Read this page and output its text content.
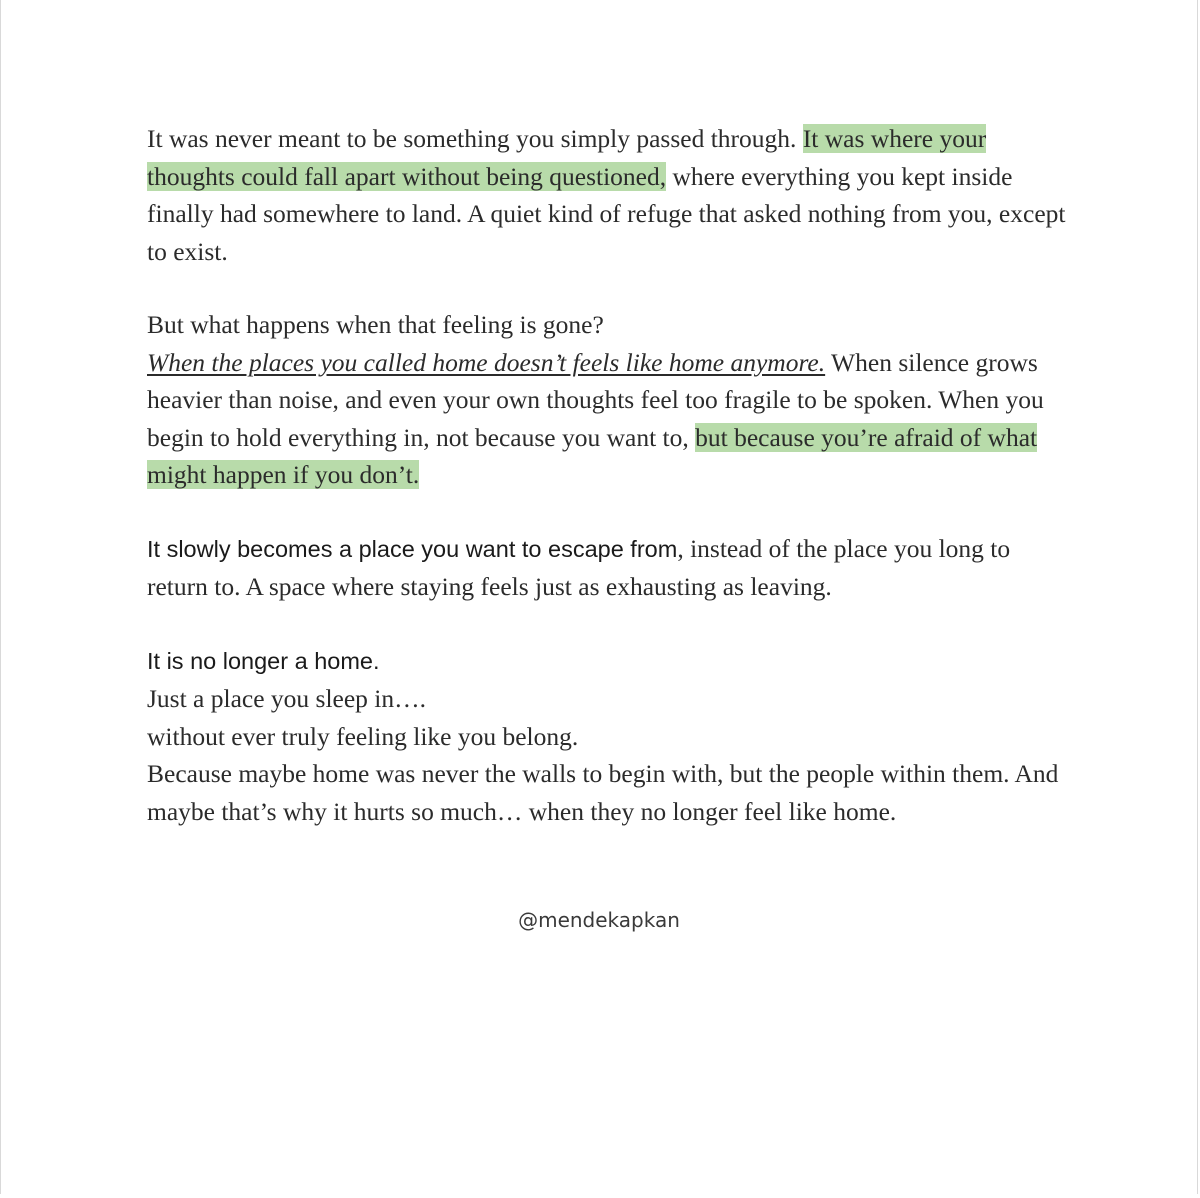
It was never meant to be something you simply passed through. It was where your thoughts could fall apart without being questioned, where everything you kept inside finally had somewhere to land. A quiet kind of refuge that asked nothing from you, except to exist.

But what happens when that feeling is gone?
When the places you called home doesn’t feels like home anymore. When silence grows heavier than noise, and even your own thoughts feel too fragile to be spoken. When you begin to hold everything in, not because you want to, but because you’re afraid of what might happen if you don’t.

It slowly becomes a place you want to escape from, instead of the place you long to return to. A space where staying feels just as exhausting as leaving.

It is no longer a home.
Just a place you sleep in….
without ever truly feeling like you belong.
Because maybe home was never the walls to begin with, but the people within them. And maybe that’s why it hurts so much… when they no longer feel like home.

@mendekapkan
